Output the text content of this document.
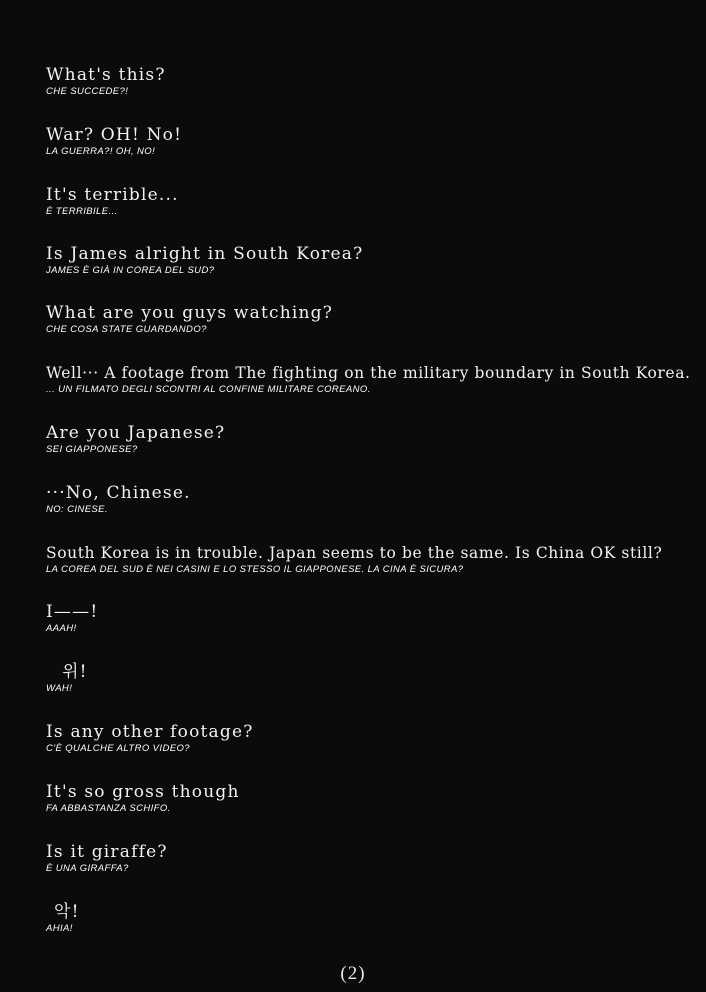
What's this?
CHE SUCCEDE?!
War? OH! No!
LA GUERRA?! OH, NO!
It's terrible...
È TERRIBILE...
Is James alright in South Korea?
JAMES È GIÀ IN COREA DEL SUD?
What are you guys watching?
CHE COSA STATE GUARDANDO?
Well··· A footage from The fighting on the military boundary in South Korea.
... UN FILMATO DEGLI SCONTRI AL CONFINE MILITARE COREANO.
Are you Japanese?
SEI GIAPPONESE?
···No, Chinese.
NO: CINESE.
South Korea is in trouble. Japan seems to be the same. Is China OK still?
LA COREA DEL SUD È NEI CASINI E LO STESSO IL GIAPPONESE. LA CINA È SICURA?
I——!
AAAH!
위!
WAH!
Is any other footage?
C'È QUALCHE ALTRO VIDEO?
It's so gross though
FA ABBASTANZA SCHIFO.
Is it giraffe?
È UNA GIRAFFA?
악!
AHIA!
(2)
